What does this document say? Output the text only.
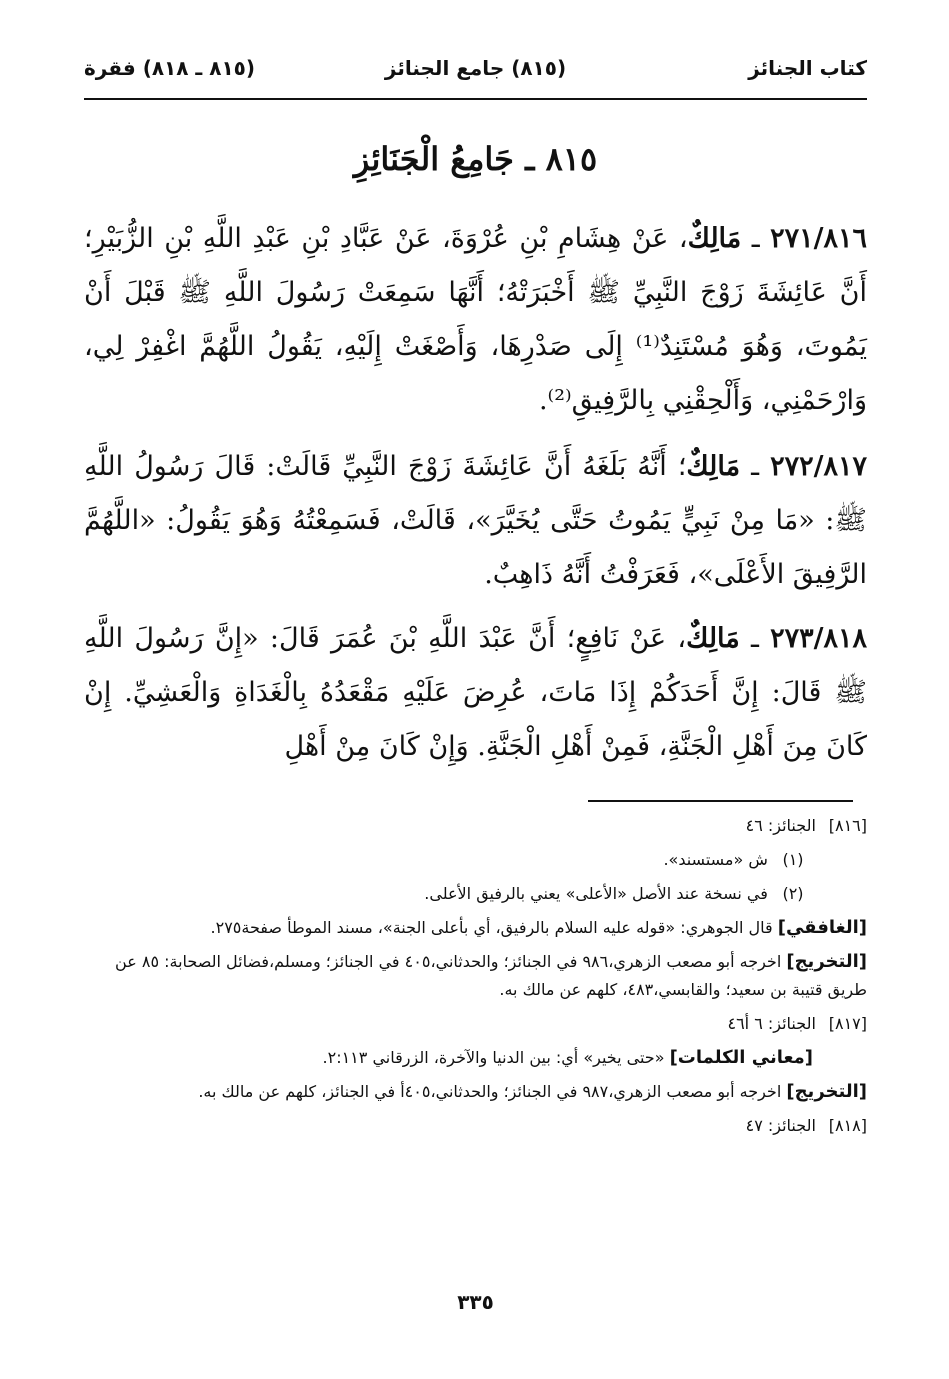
كتاب الجنائز
(٨١٥) جامع الجنائز
(٨١٥ ـ ٨١٨) فقرة
٨١٥ ـ جَامِعُ الْجَنَائِزِ

٢٧١/٨١٦ ـ مَالِكٌ، عَنْ هِشَامِ بْنِ عُرْوَةَ، عَنْ عَبَّادِ بْنِ عَبْدِ اللَّهِ بْنِ الزُّبَيْرِ؛ أَنَّ عَائِشَةَ زَوْجَ النَّبِيِّ ﷺ أَخْبَرَتْهُ؛ أَنَّهَا سَمِعَتْ رَسُولَ اللَّهِ ﷺ قَبْلَ أَنْ يَمُوتَ، وَهُوَ مُسْتَنِدٌ⁽¹⁾ إِلَى صَدْرِهَا، وَأَصْغَتْ إِلَيْهِ، يَقُولُ اللَّهُمَّ اغْفِرْ لِي، وَارْحَمْنِي، وَأَلْحِقْنِي بِالرَّفِيقِ⁽²⁾.

٢٧٢/٨١٧ ـ مَالِكٌ؛ أَنَّهُ بَلَغَهُ أَنَّ عَائِشَةَ زَوْجَ النَّبِيِّ قَالَتْ: قَالَ رَسُولُ اللَّهِ ﷺ: «مَا مِنْ نَبِيٍّ يَمُوتُ حَتَّى يُخَيَّرَ»، قَالَتْ، فَسَمِعْتُهُ وَهُوَ يَقُولُ: «اللَّهُمَّ الرَّفِيقَ الأَعْلَى»، فَعَرَفْتُ أَنَّهُ ذَاهِبٌ.

٢٧٣/٨١٨ ـ مَالِكٌ، عَنْ نَافِعٍ؛ أَنَّ عَبْدَ اللَّهِ بْنَ عُمَرَ قَالَ: «إِنَّ رَسُولَ اللَّهِ ﷺ قَالَ: إِنَّ أَحَدَكُمْ إِذَا مَاتَ، عُرِضَ عَلَيْهِ مَقْعَدُهُ بِالْغَدَاةِ وَالْعَشِيِّ. إِنْ كَانَ مِنَ أَهْلِ الْجَنَّةِ، فَمِنْ أَهْلِ الْجَنَّةِ. وَإِنْ كَانَ مِنْ أَهْلِ

[٨١٦] الجنائز: ٤٦
(١) ش «مستسند».
(٢) في نسخة عند الأصل «الأعلى» يعني بالرفيق الأعلى.
[الغافقي] قال الجوهري: «قوله عليه السلام بالرفيق، أي بأعلى الجنة»، مسند الموطأ صفحة٢٧٥.
[التخريج] اخرجه أبو مصعب الزهري،٩٨٦ في الجنائز؛ والحدثاني،٤٠٥ في الجنائز؛ ومسلم،فضائل الصحابة: ٨٥ عن طريق قتيبة بن سعيد؛ والقابسي،٤٨٣، كلهم عن مالك به.
[٨١٧] الجنائز: ٦ أ٤٦
[معاني الكلمات] «حتى يخير» أي: بين الدنيا والآخرة، الزرقاني ٢:١١٣.
[التخريج] اخرجه أبو مصعب الزهري،٩٨٧ في الجنائز؛ والحدثاني،٤٠٥أ في الجنائز، كلهم عن مالك به.
[٨١٨] الجنائز: ٤٧
٣٣٥
